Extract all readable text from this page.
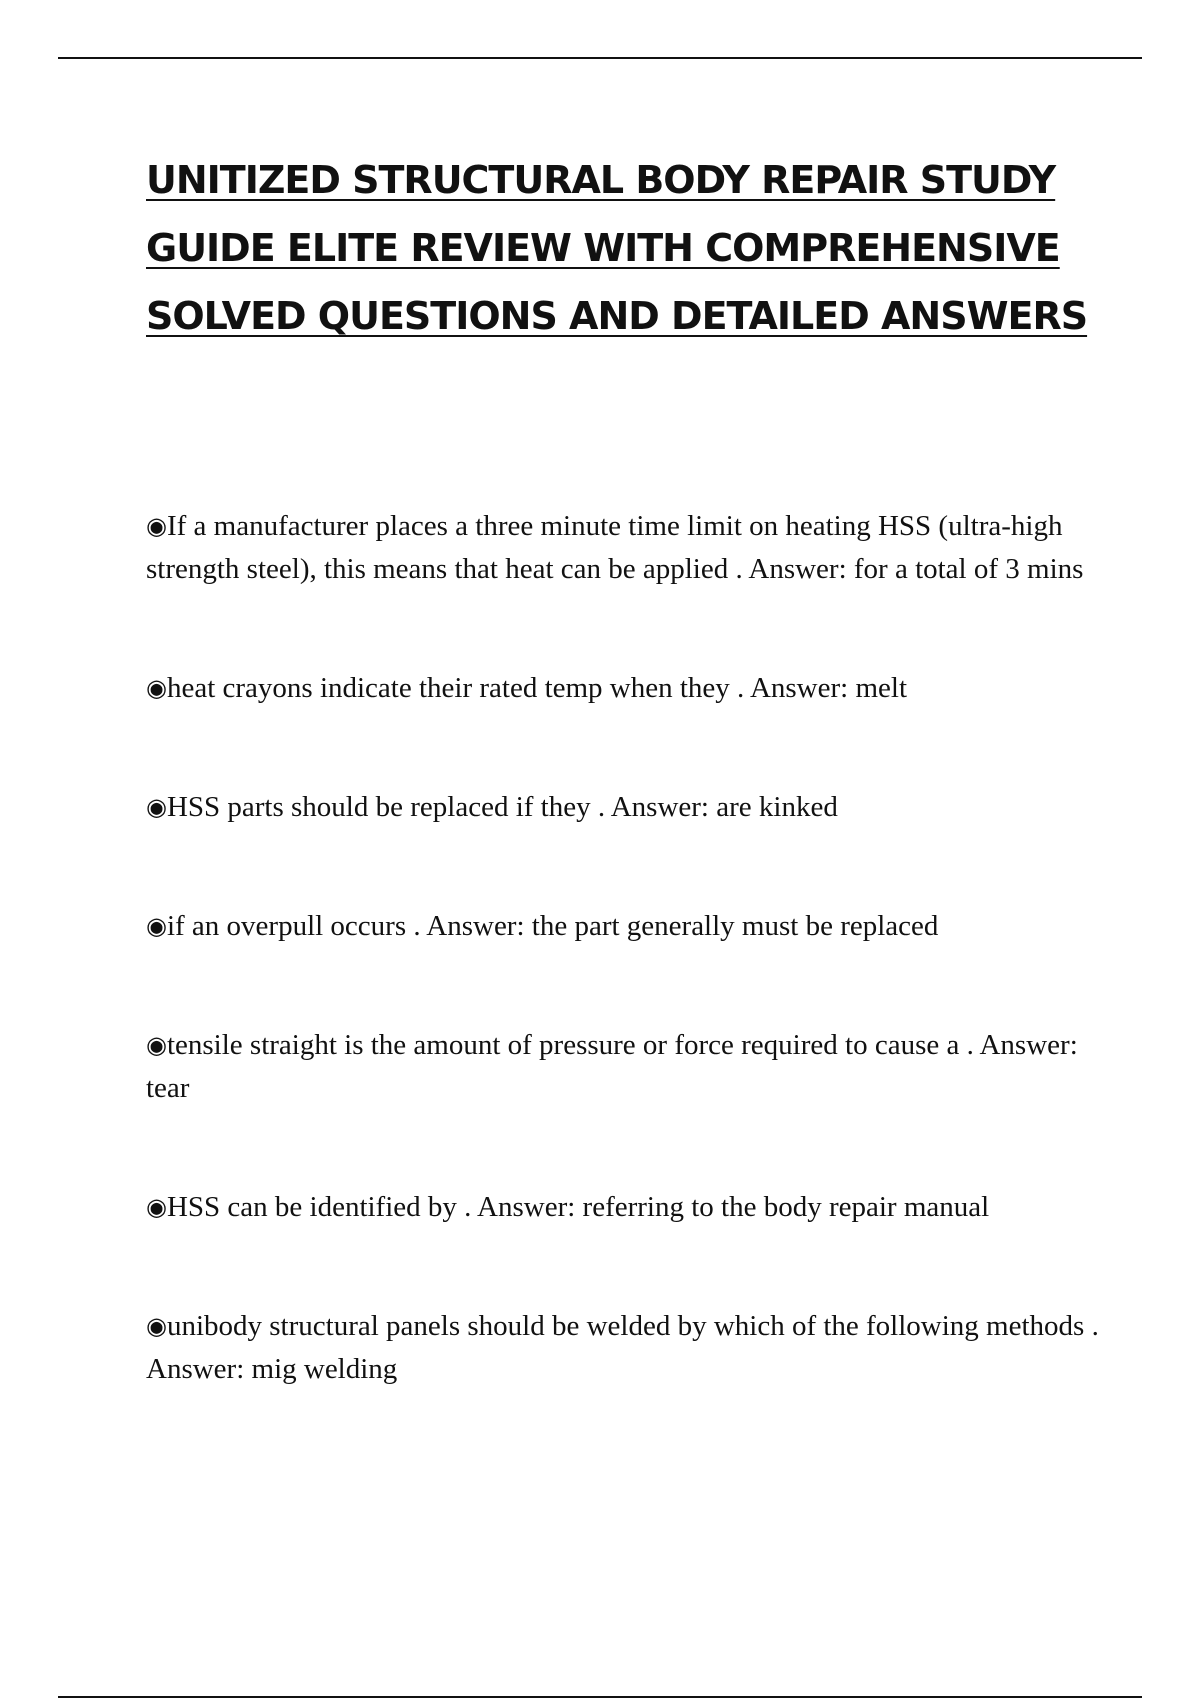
UNITIZED STRUCTURAL BODY REPAIR STUDY
GUIDE ELITE REVIEW WITH COMPREHENSIVE
SOLVED QUESTIONS AND DETAILED ANSWERS

◉If a manufacturer places a three minute time limit on heating HSS (ultra-high strength steel), this means that heat can be applied . Answer: for a total of 3 mins

◉heat crayons indicate their rated temp when they . Answer: melt

◉HSS parts should be replaced if they . Answer: are kinked

◉if an overpull occurs . Answer: the part generally must be replaced

◉tensile straight is the amount of pressure or force required to cause a . Answer: tear

◉HSS can be identified by . Answer: referring to the body repair manual

◉unibody structural panels should be welded by which of the following methods . Answer: mig welding
